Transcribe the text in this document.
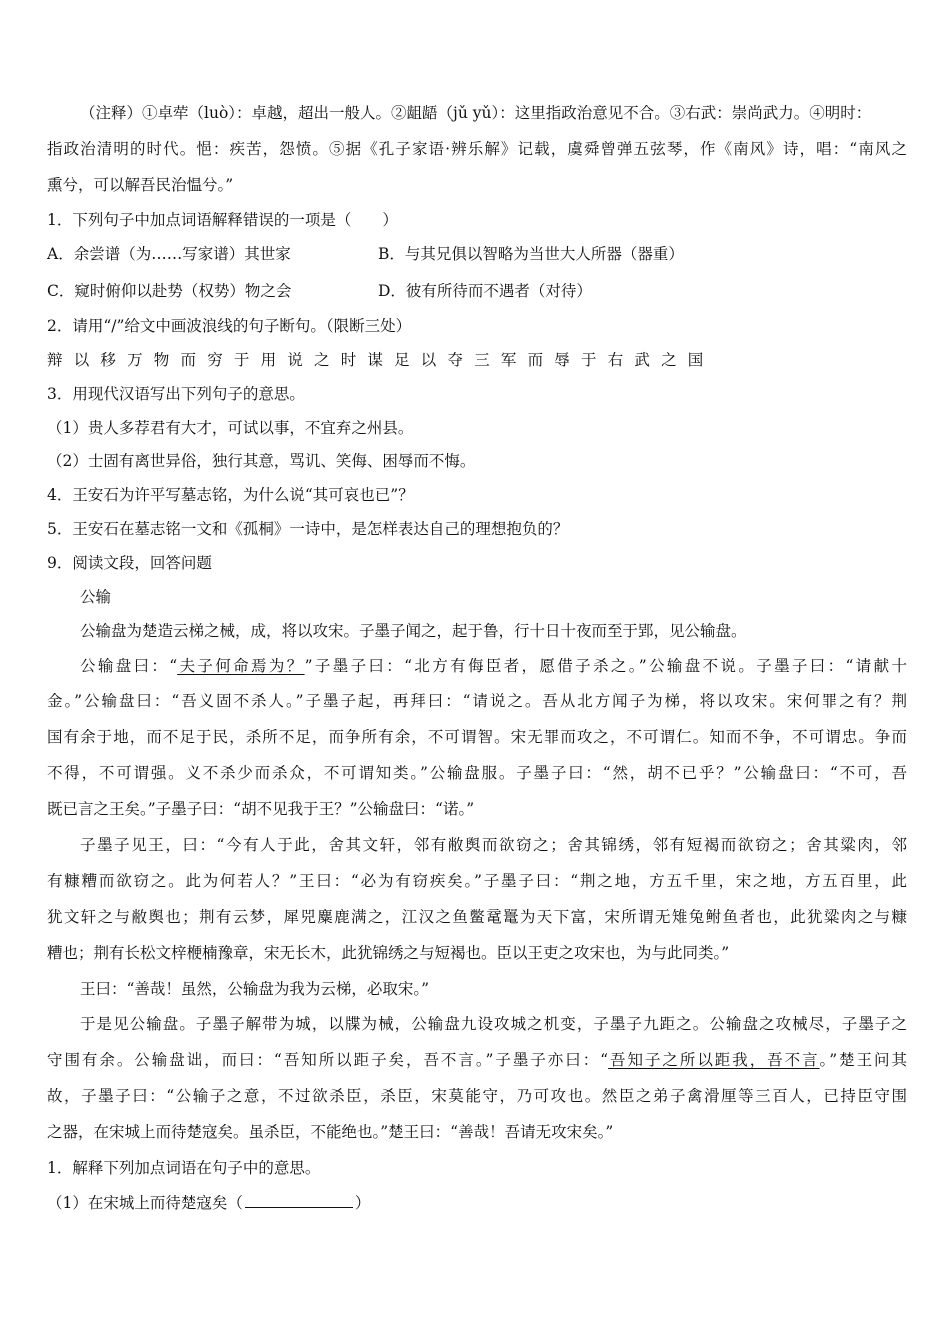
（注释）①卓荦（luò）：卓越，超出一般人。②龃龉（jǔ yǔ）：这里指政治意见不合。③右武：崇尚武力。④明时：
指政治清明的时代。悒：疾苦，怨愤。⑤据《孔子家语·辨乐解》记载，虞舜曾弹五弦琴，作《南风》诗，唱：“南风之
熏兮，可以解吾民治愠兮。”
1．下列句子中加点词语解释错误的一项是（　　）
A．余尝谱（为……写家谱）其世家	B．与其兄俱以智略为当世大人所器（器重）
C．窥时俯仰以赴势（权势）物之会	D．彼有所待而不遇者（对待）
2．请用“/”给文中画波浪线的句子断句。（限断三处）
辩以移万物而穷于用说之时谋足以夺三军而辱于右武之国
3．用现代汉语写出下列句子的意思。
（1）贵人多荐君有大才，可试以事，不宜弃之州县。
（2）士固有离世异俗，独行其意，骂讥、笑侮、困辱而不悔。
4．王安石为许平写墓志铭，为什么说“其可哀也已”？
5．王安石在墓志铭一文和《孤桐》一诗中，是怎样表达自己的理想抱负的？
9．阅读文段，回答问题
公输
公输盘为楚造云梯之械，成，将以攻宋。子墨子闻之，起于鲁，行十日十夜而至于郢，见公输盘。
公输盘曰：“夫子何命焉为？”子墨子曰：“北方有侮臣者，愿借子杀之。”公输盘不说。子墨子曰：“请献十
金。”公输盘曰：“吾义固不杀人。”子墨子起，再拜曰：“请说之。吾从北方闻子为梯，将以攻宋。宋何罪之有？荆
国有余于地，而不足于民，杀所不足，而争所有余，不可谓智。宋无罪而攻之，不可谓仁。知而不争，不可谓忠。争而
不得，不可谓强。义不杀少而杀众，不可谓知类。”公输盘服。子墨子曰：“然，胡不已乎？”公输盘曰：“不可，吾
既已言之王矣。”子墨子曰：“胡不见我于王？”公输盘曰：“诺。”
子墨子见王，曰：“今有人于此，舍其文轩，邻有敝舆而欲窃之；舍其锦绣，邻有短褐而欲窃之；舍其粱肉，邻
有糠糟而欲窃之。此为何若人？”王曰：“必为有窃疾矣。”子墨子曰：“荆之地，方五千里，宋之地，方五百里，此
犹文轩之与敝舆也；荆有云梦，犀兕麋鹿满之，江汉之鱼鳖鼋鼍为天下富，宋所谓无雉兔鲋鱼者也，此犹粱肉之与糠
糟也；荆有长松文梓楩楠豫章，宋无长木，此犹锦绣之与短褐也。臣以王吏之攻宋也，为与此同类。”
王曰：“善哉！虽然，公输盘为我为云梯，必取宋。”
于是见公输盘。子墨子解带为城，以牒为械，公输盘九设攻城之机变，子墨子九距之。公输盘之攻械尽，子墨子之
守围有余。公输盘诎，而曰：“吾知所以距子矣，吾不言。”子墨子亦曰：“吾知子之所以距我，吾不言。”楚王问其
故，子墨子曰：“公输子之意，不过欲杀臣，杀臣，宋莫能守，乃可攻也。然臣之弟子禽滑厘等三百人，已持臣守围
之器，在宋城上而待楚寇矣。虽杀臣，不能绝也。”楚王曰：“善哉！吾请无攻宋矣。”
1．解释下列加点词语在句子中的意思。
（1）在宋城上而待楚寇矣（	）
